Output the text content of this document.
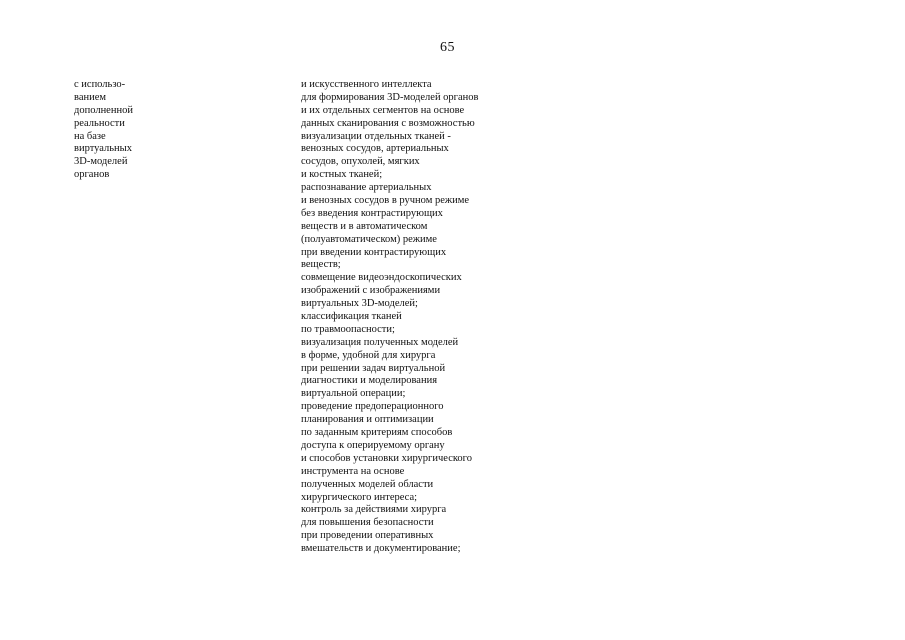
65
с использо-
ванием
дополненной
реальности
на базе
виртуальных
3D-моделей
органов
и искусственного интеллекта
для формирования 3D-моделей органов
и их отдельных сегментов на основе
данных сканирования с возможностью
визуализации отдельных тканей -
венозных сосудов, артериальных
сосудов, опухолей, мягких
и костных тканей;
распознавание артериальных
и венозных сосудов в ручном режиме
без введения контрастирующих
веществ и в автоматическом
(полуавтоматическом) режиме
при введении контрастирующих
веществ;
совмещение видеоэндоскопических
изображений с изображениями
виртуальных 3D-моделей;
классификация тканей
по травмоопасности;
визуализация полученных моделей
в форме, удобной для хирурга
при решении задач виртуальной
диагностики и моделирования
виртуальной операции;
проведение предоперационного
планирования и оптимизации
по заданным критериям способов
доступа к оперируемому органу
и способов установки хирургического
инструмента на основе
полученных моделей области
хирургического интереса;
контроль за действиями хирурга
для повышения безопасности
при проведении оперативных
вмешательств и документирование;
